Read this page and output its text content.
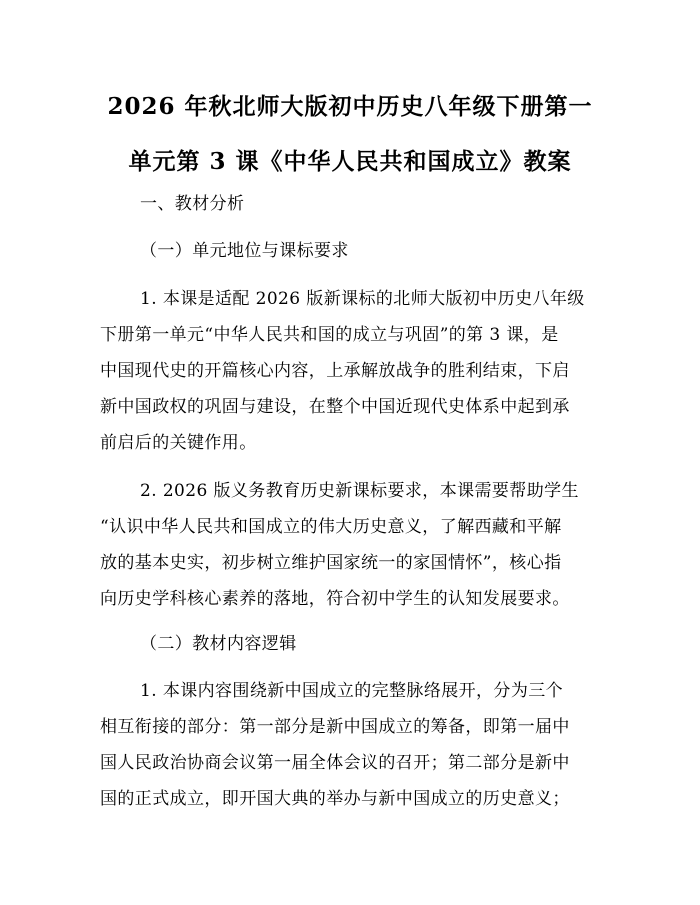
2026 年秋北师大版初中历史八年级下册第一
单元第 3 课《中华人民共和国成立》教案
一、教材分析
（一）单元地位与课标要求
1. 本课是适配 2026 版新课标的北师大版初中历史八年级
下册第一单元“中华人民共和国的成立与巩固”的第 3 课，是
中国现代史的开篇核心内容，上承解放战争的胜利结束，下启
新中国政权的巩固与建设，在整个中国近现代史体系中起到承
前启后的关键作用。
2. 2026 版义务教育历史新课标要求，本课需要帮助学生
“认识中华人民共和国成立的伟大历史意义，了解西藏和平解
放的基本史实，初步树立维护国家统一的家国情怀”，核心指
向历史学科核心素养的落地，符合初中学生的认知发展要求。
（二）教材内容逻辑
1. 本课内容围绕新中国成立的完整脉络展开，分为三个
相互衔接的部分：第一部分是新中国成立的筹备，即第一届中
国人民政治协商会议第一届全体会议的召开；第二部分是新中
国的正式成立，即开国大典的举办与新中国成立的历史意义；
